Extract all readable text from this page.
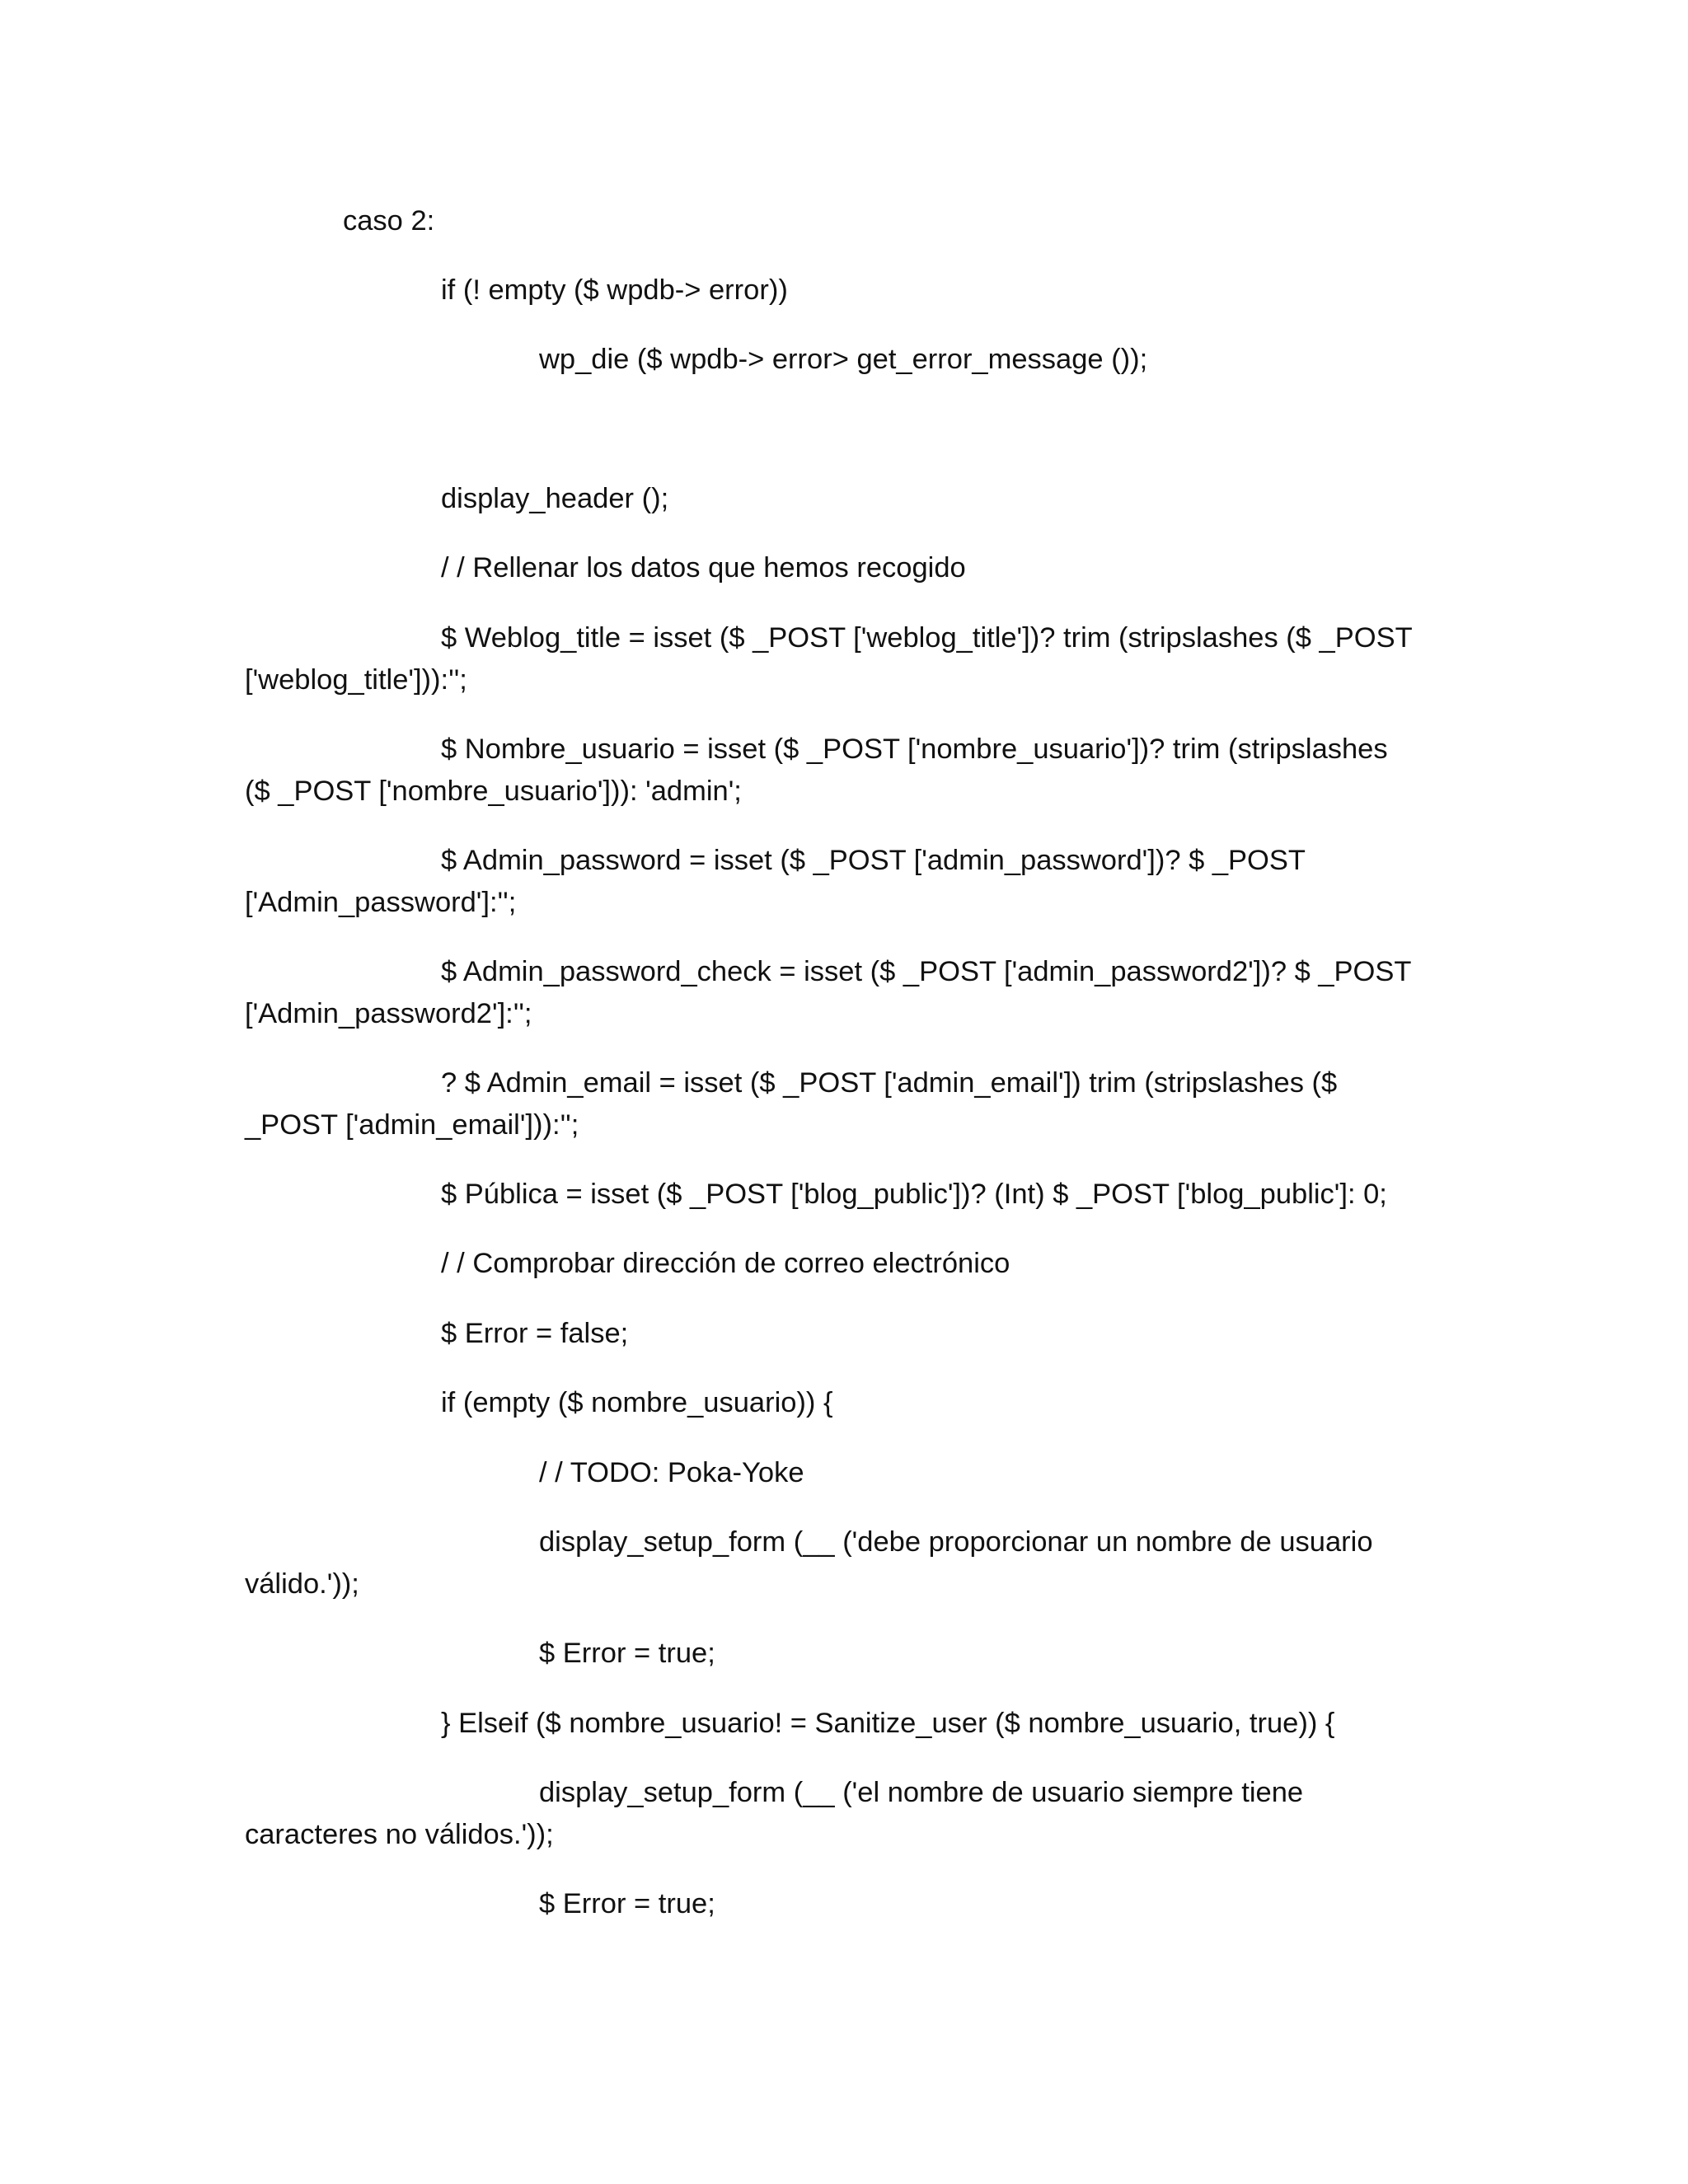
caso 2:

if (! empty ($ wpdb-> error))

wp_die ($ wpdb-> error> get_error_message ());

display_header ();

/ / Rellenar los datos que hemos recogido

$ Weblog_title = isset ($ _POST ['weblog_title'])? trim (stripslashes ($ _POST ['weblog_title'])):'';

$ Nombre_usuario = isset ($ _POST ['nombre_usuario'])? trim (stripslashes ($ _POST ['nombre_usuario'])): 'admin';

$ Admin_password = isset ($ _POST ['admin_password'])? $ _POST ['Admin_password']:'';

$ Admin_password_check = isset ($ _POST ['admin_password2'])? $ _POST ['Admin_password2']:'';

? $ Admin_email = isset ($ _POST ['admin_email']) trim (stripslashes ($ _POST ['admin_email'])):'';

$ Pública = isset ($ _POST ['blog_public'])? (Int) $ _POST ['blog_public']: 0;

/ / Comprobar dirección de correo electrónico

$ Error = false;

if (empty ($ nombre_usuario)) {

/ / TODO: Poka-Yoke

display_setup_form (__ ('debe proporcionar un nombre de usuario válido.'));

$ Error = true;

} Elseif ($ nombre_usuario! = Sanitize_user ($ nombre_usuario, true)) {

display_setup_form (__ ('el nombre de usuario siempre tiene caracteres no válidos.'));

$ Error = true;
